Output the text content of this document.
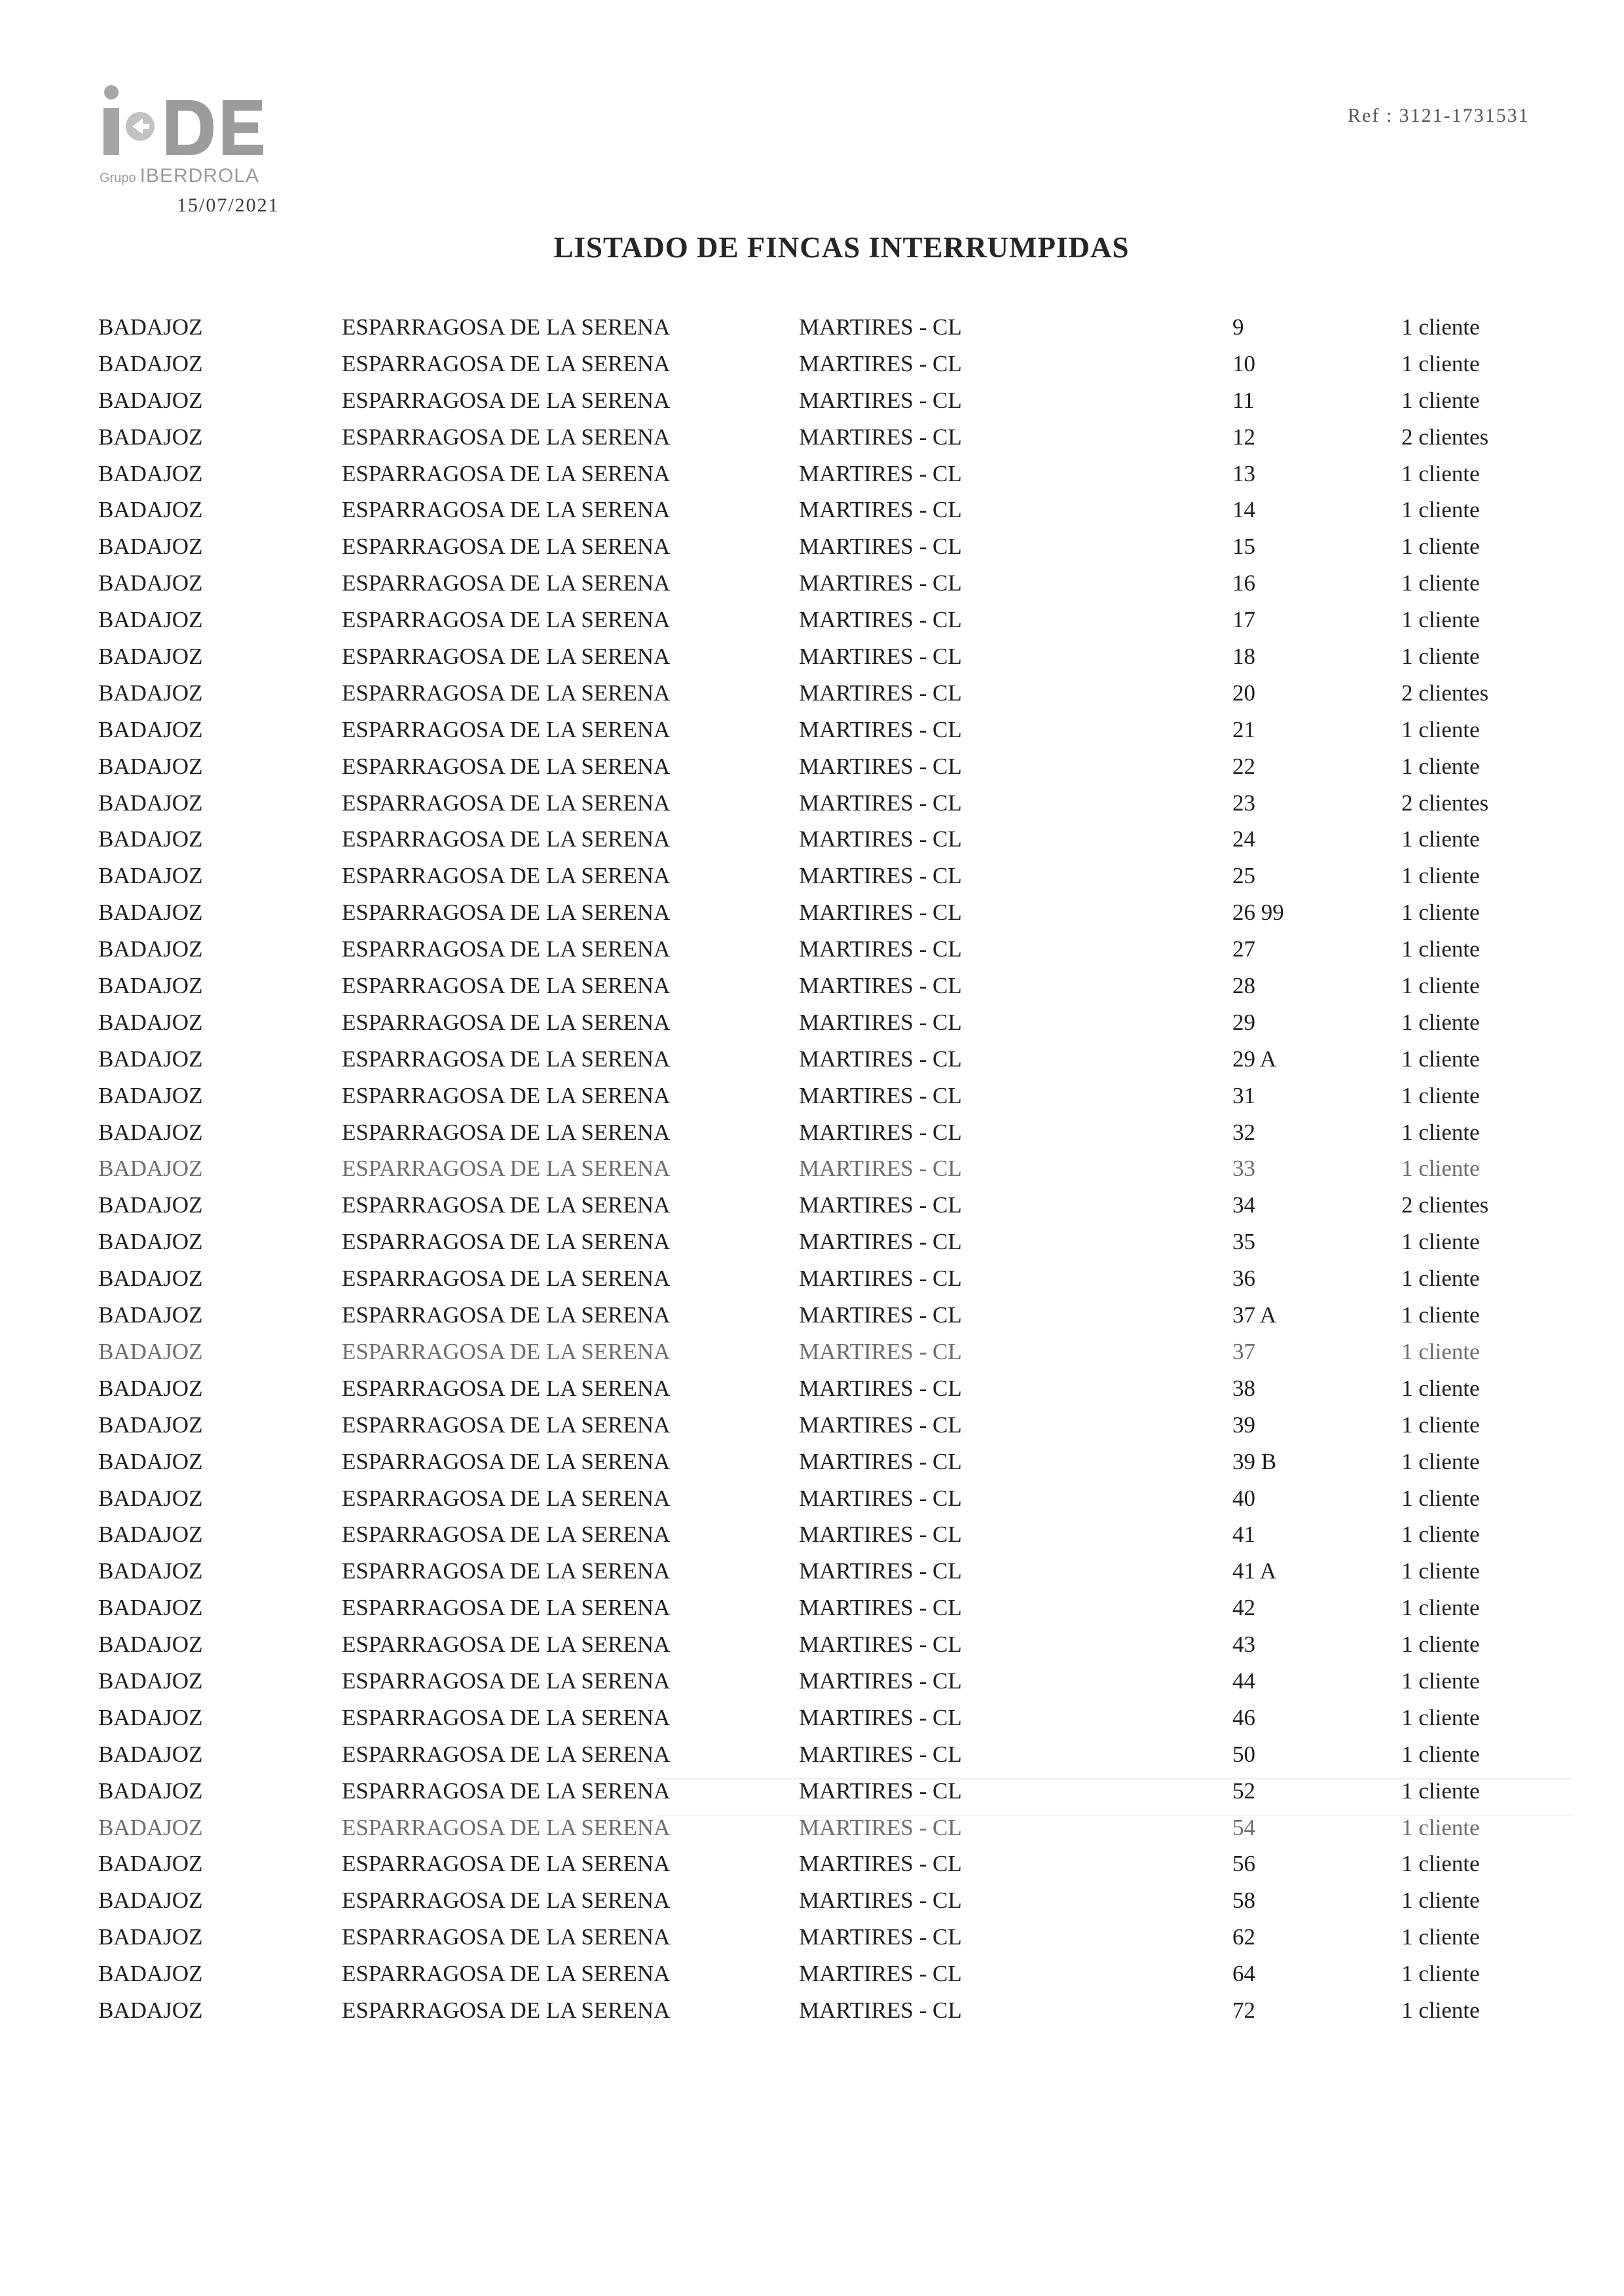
Grupo IBERDROLA
15/07/2021
Ref : 3121-1731531
LISTADO DE FINCAS INTERRUMPIDAS
BADAJOZ	ESPARRAGOSA DE LA SERENA	MARTIRES - CL	9	1 cliente
BADAJOZ	ESPARRAGOSA DE LA SERENA	MARTIRES - CL	10	1 cliente
BADAJOZ	ESPARRAGOSA DE LA SERENA	MARTIRES - CL	11	1 cliente
BADAJOZ	ESPARRAGOSA DE LA SERENA	MARTIRES - CL	12	2 clientes
BADAJOZ	ESPARRAGOSA DE LA SERENA	MARTIRES - CL	13	1 cliente
BADAJOZ	ESPARRAGOSA DE LA SERENA	MARTIRES - CL	14	1 cliente
BADAJOZ	ESPARRAGOSA DE LA SERENA	MARTIRES - CL	15	1 cliente
BADAJOZ	ESPARRAGOSA DE LA SERENA	MARTIRES - CL	16	1 cliente
BADAJOZ	ESPARRAGOSA DE LA SERENA	MARTIRES - CL	17	1 cliente
BADAJOZ	ESPARRAGOSA DE LA SERENA	MARTIRES - CL	18	1 cliente
BADAJOZ	ESPARRAGOSA DE LA SERENA	MARTIRES - CL	20	2 clientes
BADAJOZ	ESPARRAGOSA DE LA SERENA	MARTIRES - CL	21	1 cliente
BADAJOZ	ESPARRAGOSA DE LA SERENA	MARTIRES - CL	22	1 cliente
BADAJOZ	ESPARRAGOSA DE LA SERENA	MARTIRES - CL	23	2 clientes
BADAJOZ	ESPARRAGOSA DE LA SERENA	MARTIRES - CL	24	1 cliente
BADAJOZ	ESPARRAGOSA DE LA SERENA	MARTIRES - CL	25	1 cliente
BADAJOZ	ESPARRAGOSA DE LA SERENA	MARTIRES - CL	26 99	1 cliente
BADAJOZ	ESPARRAGOSA DE LA SERENA	MARTIRES - CL	27	1 cliente
BADAJOZ	ESPARRAGOSA DE LA SERENA	MARTIRES - CL	28	1 cliente
BADAJOZ	ESPARRAGOSA DE LA SERENA	MARTIRES - CL	29	1 cliente
BADAJOZ	ESPARRAGOSA DE LA SERENA	MARTIRES - CL	29 A	1 cliente
BADAJOZ	ESPARRAGOSA DE LA SERENA	MARTIRES - CL	31	1 cliente
BADAJOZ	ESPARRAGOSA DE LA SERENA	MARTIRES - CL	32	1 cliente
BADAJOZ	ESPARRAGOSA DE LA SERENA	MARTIRES - CL	33	1 cliente
BADAJOZ	ESPARRAGOSA DE LA SERENA	MARTIRES - CL	34	2 clientes
BADAJOZ	ESPARRAGOSA DE LA SERENA	MARTIRES - CL	35	1 cliente
BADAJOZ	ESPARRAGOSA DE LA SERENA	MARTIRES - CL	36	1 cliente
BADAJOZ	ESPARRAGOSA DE LA SERENA	MARTIRES - CL	37 A	1 cliente
BADAJOZ	ESPARRAGOSA DE LA SERENA	MARTIRES - CL	37	1 cliente
BADAJOZ	ESPARRAGOSA DE LA SERENA	MARTIRES - CL	38	1 cliente
BADAJOZ	ESPARRAGOSA DE LA SERENA	MARTIRES - CL	39	1 cliente
BADAJOZ	ESPARRAGOSA DE LA SERENA	MARTIRES - CL	39 B	1 cliente
BADAJOZ	ESPARRAGOSA DE LA SERENA	MARTIRES - CL	40	1 cliente
BADAJOZ	ESPARRAGOSA DE LA SERENA	MARTIRES - CL	41	1 cliente
BADAJOZ	ESPARRAGOSA DE LA SERENA	MARTIRES - CL	41 A	1 cliente
BADAJOZ	ESPARRAGOSA DE LA SERENA	MARTIRES - CL	42	1 cliente
BADAJOZ	ESPARRAGOSA DE LA SERENA	MARTIRES - CL	43	1 cliente
BADAJOZ	ESPARRAGOSA DE LA SERENA	MARTIRES - CL	44	1 cliente
BADAJOZ	ESPARRAGOSA DE LA SERENA	MARTIRES - CL	46	1 cliente
BADAJOZ	ESPARRAGOSA DE LA SERENA	MARTIRES - CL	50	1 cliente
BADAJOZ	ESPARRAGOSA DE LA SERENA	MARTIRES - CL	52	1 cliente
BADAJOZ	ESPARRAGOSA DE LA SERENA	MARTIRES - CL	54	1 cliente
BADAJOZ	ESPARRAGOSA DE LA SERENA	MARTIRES - CL	56	1 cliente
BADAJOZ	ESPARRAGOSA DE LA SERENA	MARTIRES - CL	58	1 cliente
BADAJOZ	ESPARRAGOSA DE LA SERENA	MARTIRES - CL	62	1 cliente
BADAJOZ	ESPARRAGOSA DE LA SERENA	MARTIRES - CL	64	1 cliente
BADAJOZ	ESPARRAGOSA DE LA SERENA	MARTIRES - CL	72	1 cliente
